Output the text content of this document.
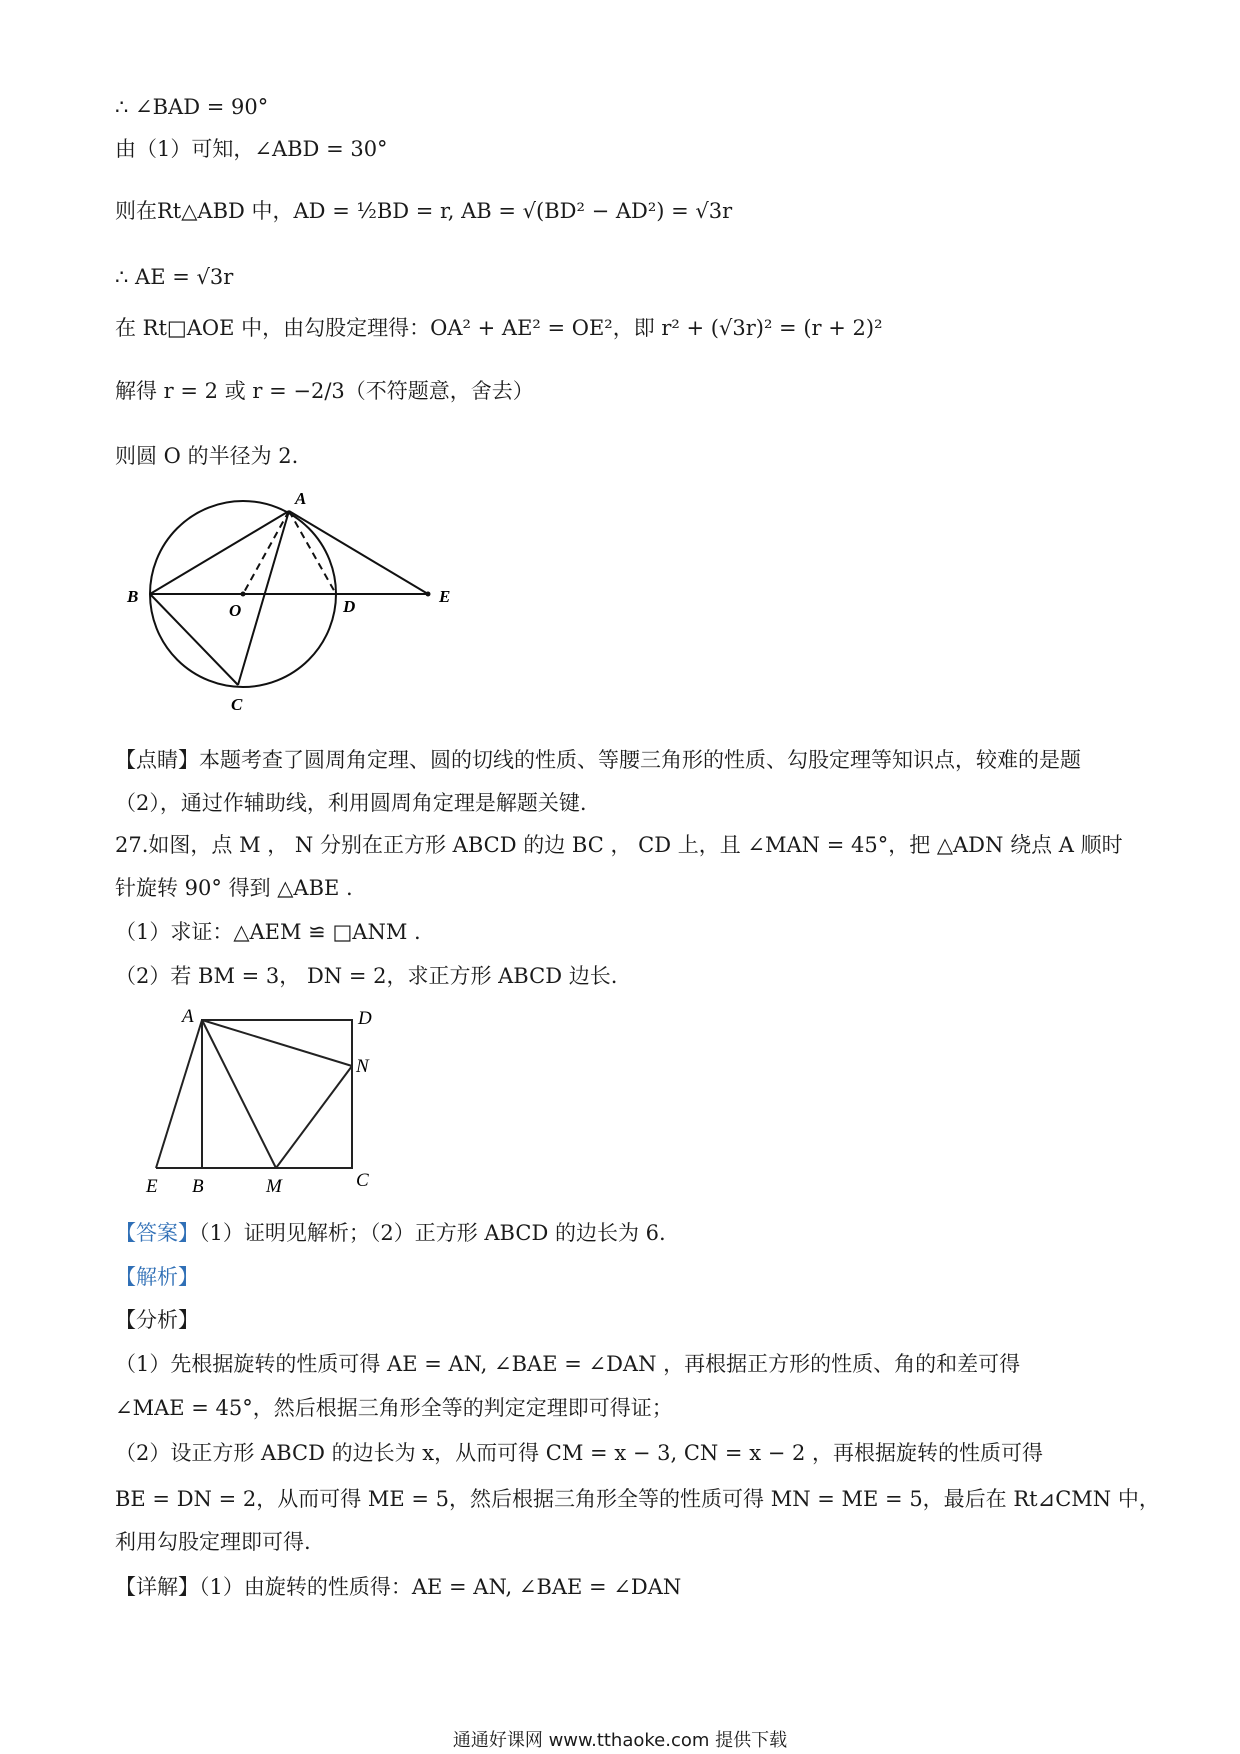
∴ ∠BAD = 90°
由（1）可知，∠ABD = 30°
则在Rt△ABD 中，AD = ½BD = r, AB = √(BD² − AD²) = √3r
∴ AE = √3r
在 Rt□AOE 中，由勾股定理得：OA² + AE² = OE²，即 r² + (√3r)² = (r + 2)²
解得 r = 2 或 r = −2/3（不符题意，舍去）
则圆 O 的半径为 2.
A
B
O	D
E
C
【点睛】本题考查了圆周角定理、圆的切线的性质、等腰三角形的性质、勾股定理等知识点，较难的是题
（2），通过作辅助线，利用圆周角定理是解题关键.
27.如图，点 M ， N 分别在正方形 ABCD 的边 BC ， CD 上，且 ∠MAN = 45°，把 △ADN 绕点 A 顺时
针旋转 90° 得到 △ABE .
（1）求证：△AEM ≌ □ANM .
（2）若 BM = 3， DN = 2，求正方形 ABCD 边长.
A	D
N
E B	M	C
【答案】（1）证明见解析；（2）正方形 ABCD 的边长为 6.
【解析】
【分析】
（1）先根据旋转的性质可得 AE = AN, ∠BAE = ∠DAN ，再根据正方形的性质、角的和差可得
∠MAE = 45°，然后根据三角形全等的判定定理即可得证；
（2）设正方形 ABCD 的边长为 x，从而可得 CM = x − 3, CN = x − 2 ，再根据旋转的性质可得
BE = DN = 2，从而可得 ME = 5，然后根据三角形全等的性质可得 MN = ME = 5，最后在 Rt⊿CMN 中，
利用勾股定理即可得.
【详解】（1）由旋转的性质得：AE = AN, ∠BAE = ∠DAN
通通好课网 www.tthaoke.com 提供下载
